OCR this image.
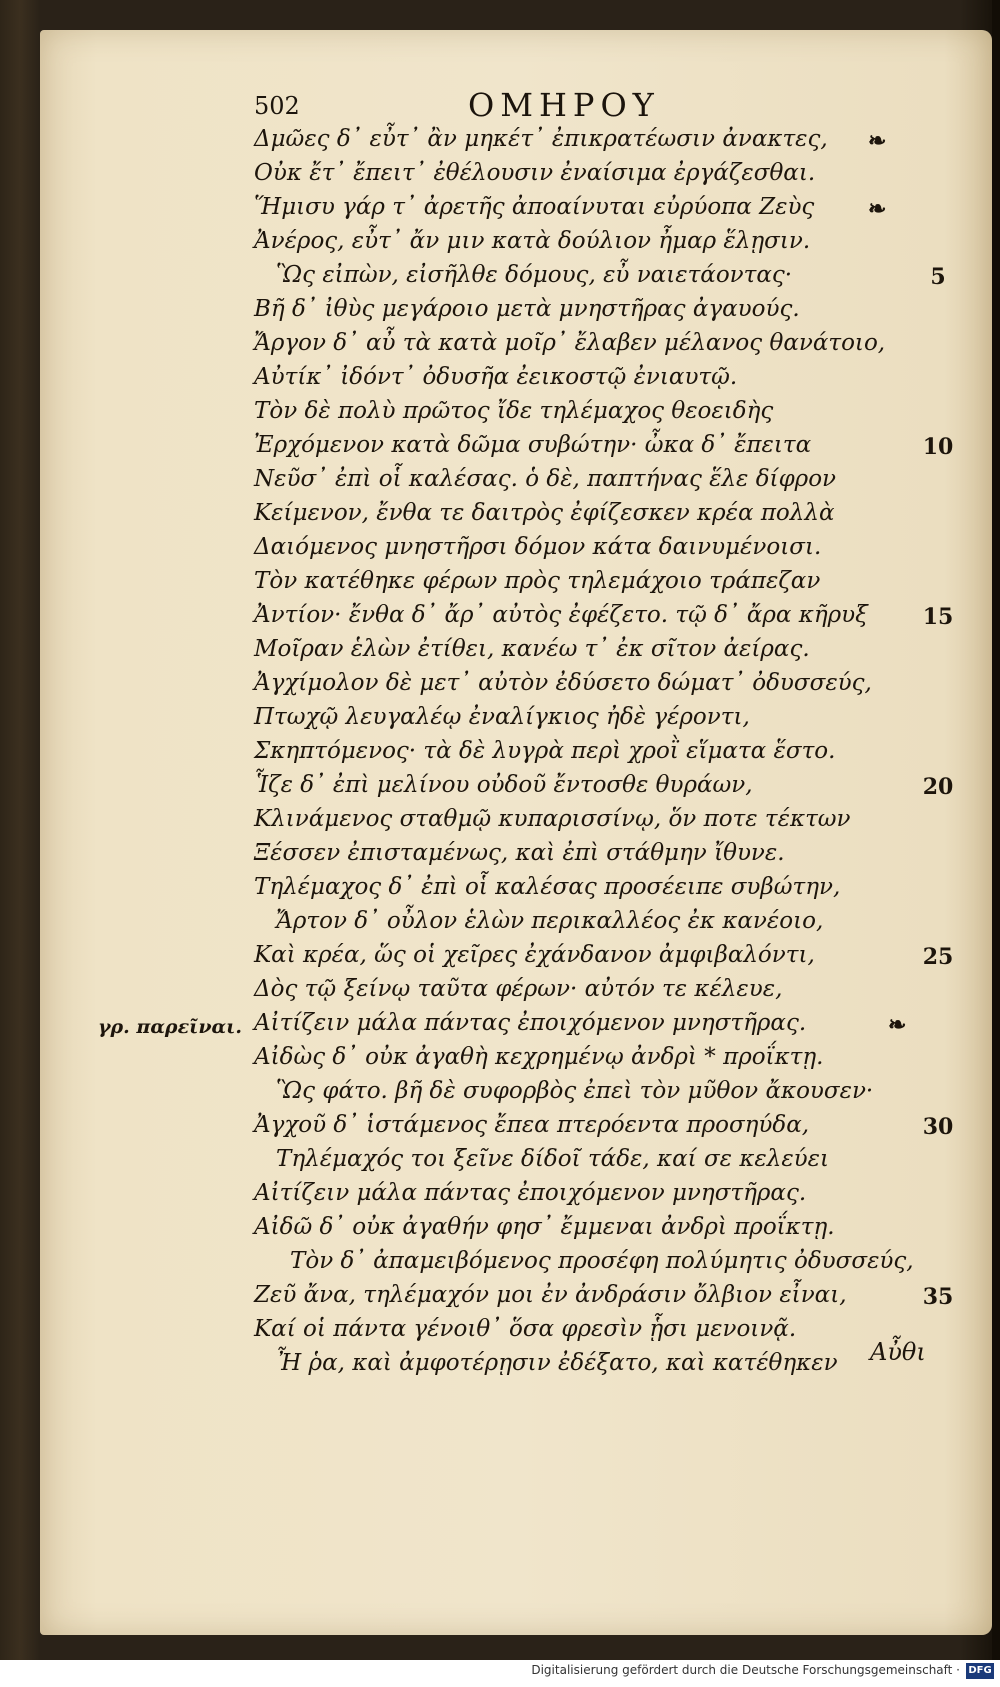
502	ΟΜΗΡΟΥ
Δμῶες δ᾽ εὖτ᾽ ἂν μηκέτ᾽ ἐπικρατέωσιν ἀνακτες,
Οὐκ ἔτ᾽ ἔπειτ᾽ ἐθέλουσιν ἐναίσιμα ἐργάζεσθαι.
Ἥμισυ γάρ τ᾽ ἀρετῆς ἀποαίνυται εὐρύοπα Ζεὺς
Ἀνέρος, εὖτ᾽ ἄν μιν κατὰ δούλιον ἦμαρ ἕλῃσιν.
Ὣς εἰπὼν, εἰσῆλθε δόμους, εὖ ναιετάοντας·
Βῆ δ᾽ ἰθὺς μεγάροιο μετὰ μνηστῆρας ἀγαυούς.
Ἄργον δ᾽ αὖ τὰ κατὰ μοῖρ᾽ ἔλαβεν μέλανος θανάτοιο,
Αὐτίκ᾽ ἰδόντ᾽ ὀδυσῆα ἐεικοστῷ ἐνιαυτῷ.
Τὸν δὲ πολὺ πρῶτος ἴδε τηλέμαχος θεοειδὴς
Ἐρχόμενον κατὰ δῶμα συβώτην· ὦκα δ᾽ ἔπειτα
Νεῦσ᾽ ἐπὶ οἷ καλέσας. ὁ δὲ, παπτήνας ἕλε δίφρον
Κείμενον, ἔνθα τε δαιτρὸς ἐφίζεσκεν κρέα πολλὰ
Δαιόμενος μνηστῆρσι δόμον κάτα δαινυμένοισι.
Τὸν κατέθηκε φέρων πρὸς τηλεμάχοιο τράπεζαν
Ἀντίον· ἔνθα δ᾽ ἄρ᾽ αὐτὸς ἐφέζετο. τῷ δ᾽ ἄρα κῆρυξ
Μοῖραν ἑλὼν ἐτίθει, κανέω τ᾽ ἐκ σῖτον ἀείρας.
Ἀγχίμολον δὲ μετ᾽ αὐτὸν ἐδύσετο δώματ᾽ ὀδυσσεύς,
Πτωχῷ λευγαλέῳ ἐναλίγκιος ἠδὲ γέροντι,
Σκηπτόμενος· τὰ δὲ λυγρὰ περὶ χροῒ εἵματα ἕστο.
Ἷζε δ᾽ ἐπὶ μελίνου οὐδοῦ ἔντοσθε θυράων,
Κλινάμενος σταθμῷ κυπαρισσίνῳ, ὅν ποτε τέκτων
Ξέσσεν ἐπισταμένως, καὶ ἐπὶ στάθμην ἴθυνε.
Τηλέμαχος δ᾽ ἐπὶ οἷ καλέσας προσέειπε συβώτην,
Ἄρτον δ᾽ οὖλον ἑλὼν περικαλλέος ἐκ κανέοιο,
Καὶ κρέα, ὥς οἱ χεῖρες ἐχάνδανον ἀμφιβαλόντι,
Δὸς τῷ ξείνῳ ταῦτα φέρων· αὐτόν τε κέλευε,
Αἰτίζειν μάλα πάντας ἐποιχόμενον μνηστῆρας.
Αἰδὼς δ᾽ οὐκ ἀγαθὴ κεχρημένῳ ἀνδρὶ * προΐκτῃ.
Ὣς φάτο. βῆ δὲ συφορβὸς ἐπεὶ τὸν μῦθον ἄκουσεν·
Ἀγχοῦ δ᾽ ἱστάμενος ἔπεα πτερόεντα προσηύδα,
Τηλέμαχός τοι ξεῖνε δίδοῖ τάδε, καί σε κελεύει
Αἰτίζειν μάλα πάντας ἐποιχόμενον μνηστῆρας.
Αἰδῶ δ᾽ οὐκ ἀγαθήν φησ᾽ ἔμμεναι ἀνδρὶ προΐκτῃ.
Τὸν δ᾽ ἀπαμειβόμενος προσέφη πολύμητις ὀδυσσεύς,
Ζεῦ ἄνα, τηλέμαχόν μοι ἐν ἀνδράσιν ὄλβιον εἶναι,
Καί οἱ πάντα γένοιθ᾽ ὅσα φρεσὶν ᾗσι μενοινᾷ.
Ἦ ῥα, καὶ ἀμφοτέρῃσιν ἐδέξατο, καὶ κατέθηκεν
5
10
15
20
25
30
35
❧
❧
❧
γρ. παρεῖναι.
Αὖθι
Digitalisierung gefördert durch die Deutsche Forschungsgemeinschaft · DFG
